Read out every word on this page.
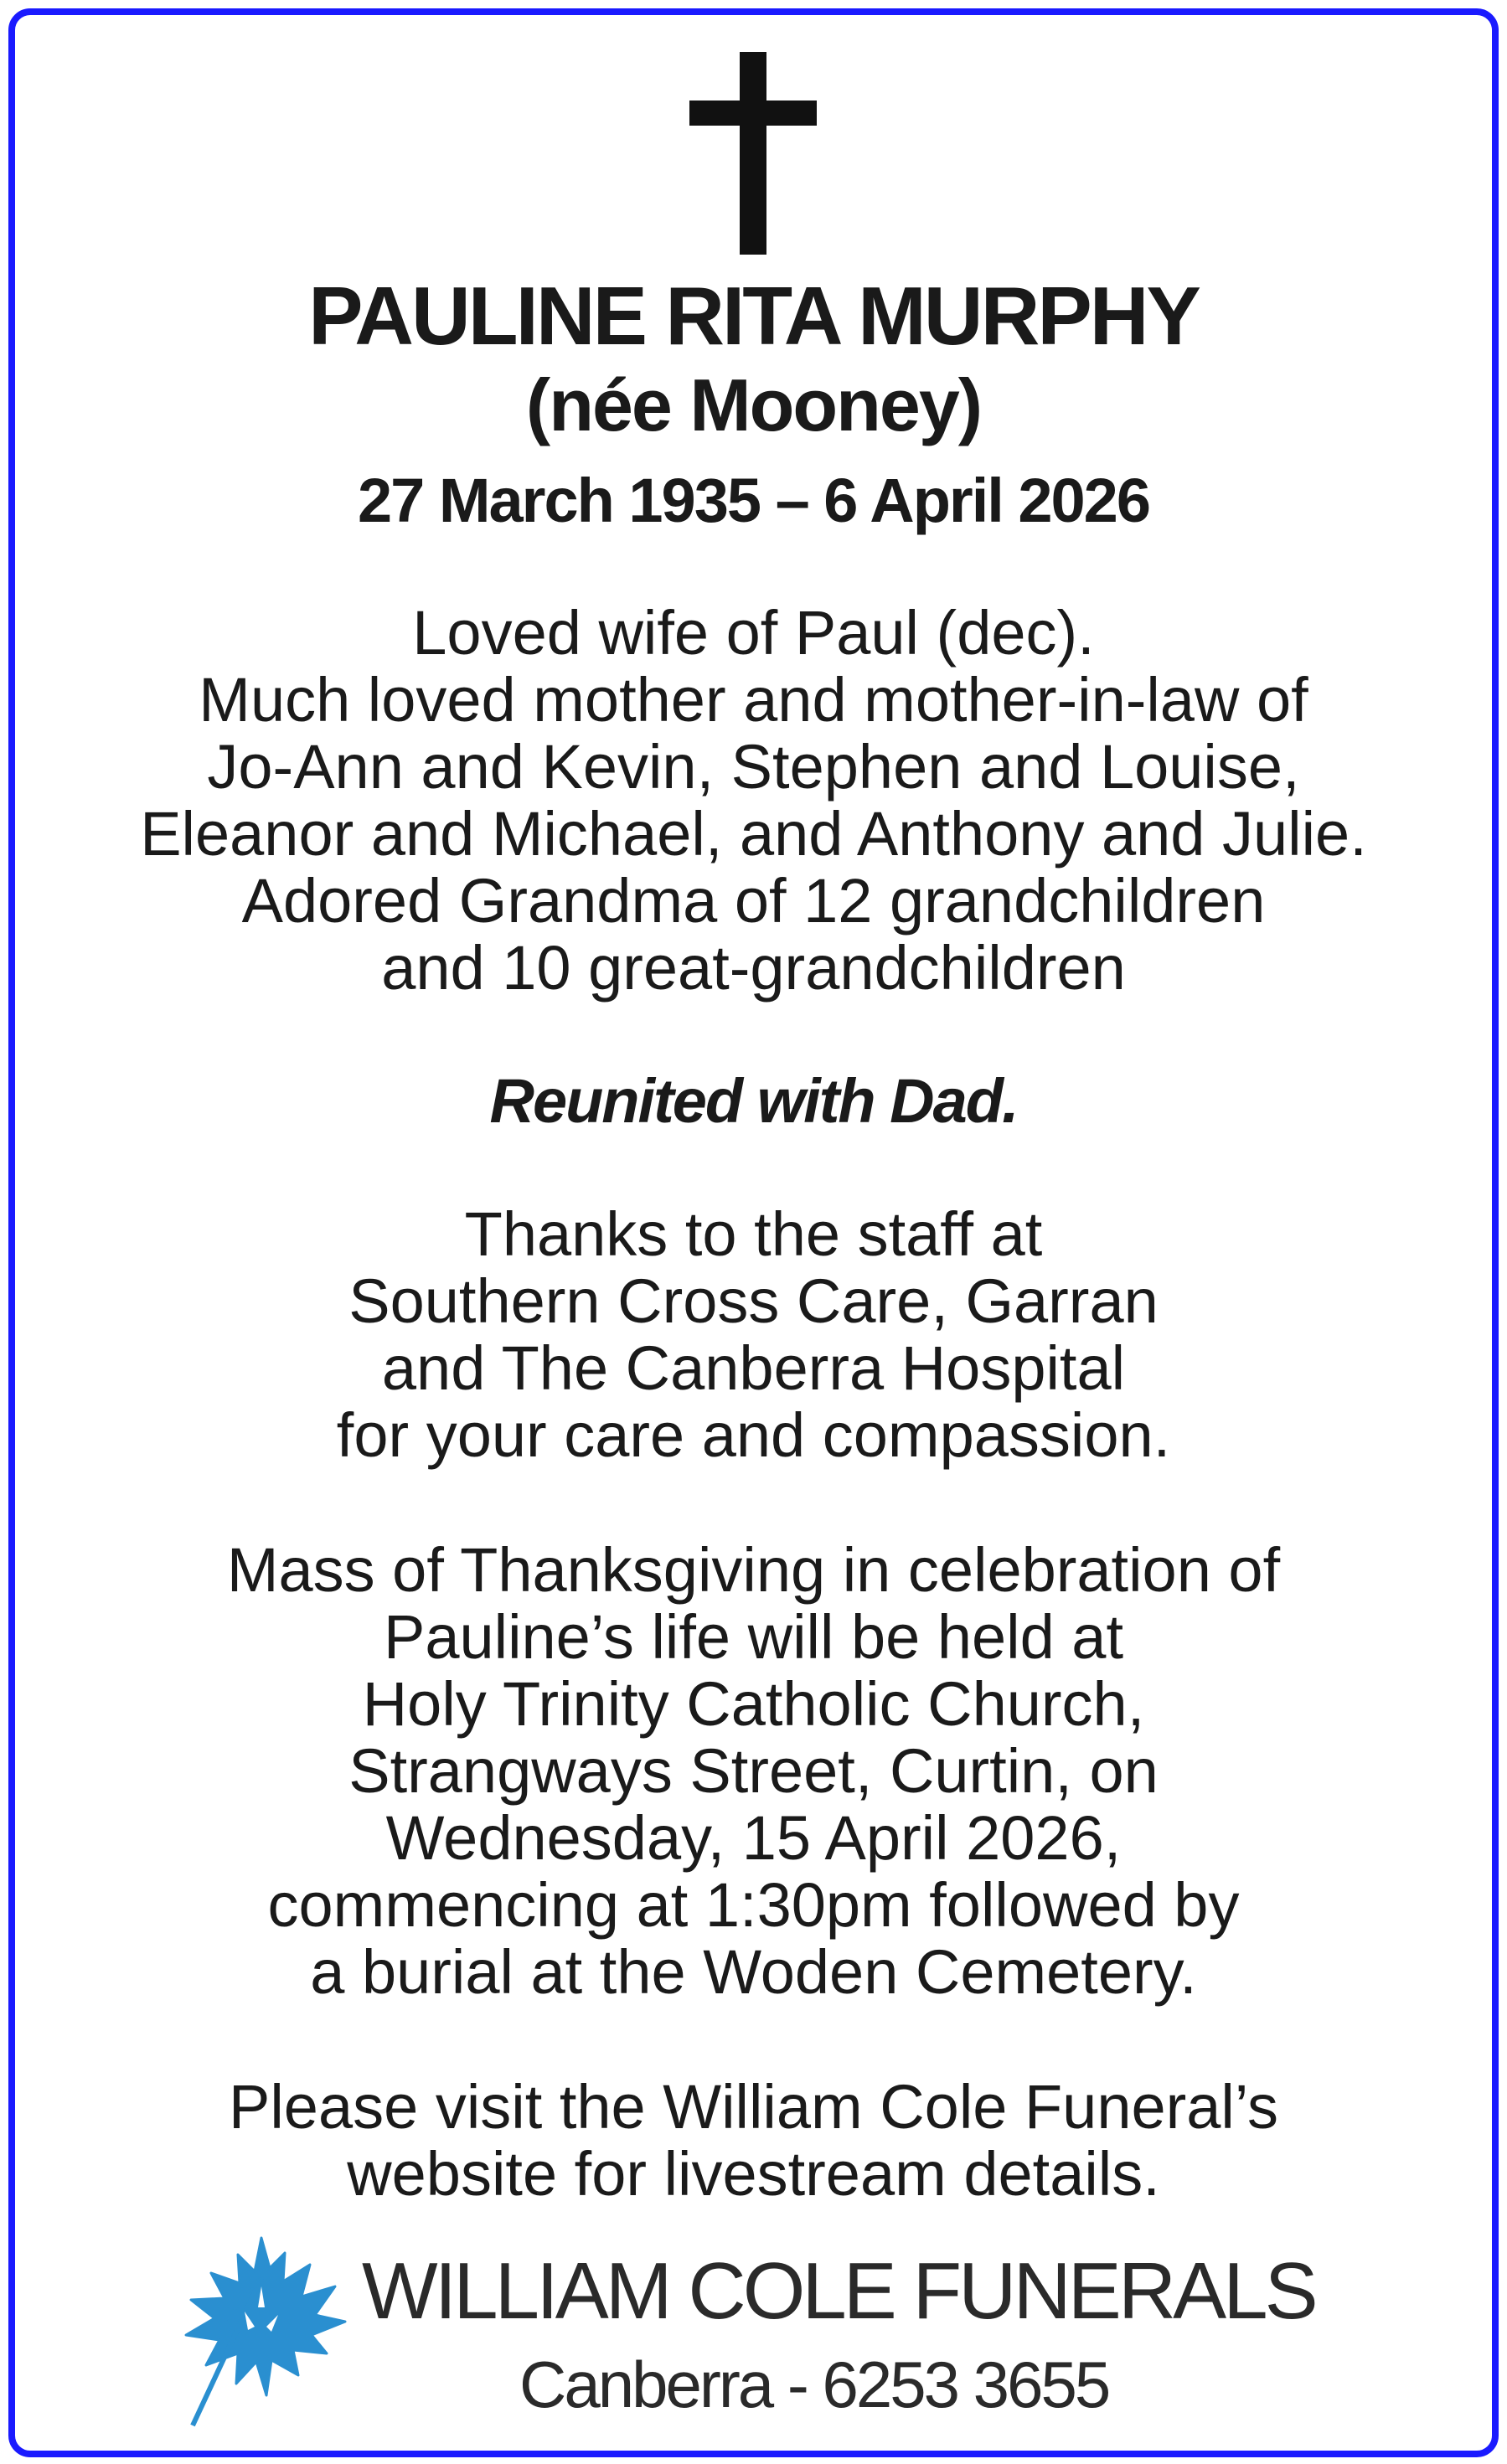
PAULINE RITA MURPHY
(née Mooney)
27 March 1935 – 6 April 2026
Loved wife of Paul (dec).
Much loved mother and mother-in-law of
Jo-Ann and Kevin, Stephen and Louise,
Eleanor and Michael, and Anthony and Julie.
Adored Grandma of 12 grandchildren
and 10 great-grandchildren
Reunited with Dad.
Thanks to the staff at
Southern Cross Care, Garran
and The Canberra Hospital
for your care and compassion.
Mass of Thanksgiving in celebration of
Pauline’s life will be held at
Holy Trinity Catholic Church,
Strangways Street, Curtin, on
Wednesday, 15 April 2026,
commencing at 1:30pm followed by
a burial at the Woden Cemetery.
Please visit the William Cole Funeral’s
website for livestream details.
WILLIAM COLE FUNERALS
Canberra - 6253 3655
